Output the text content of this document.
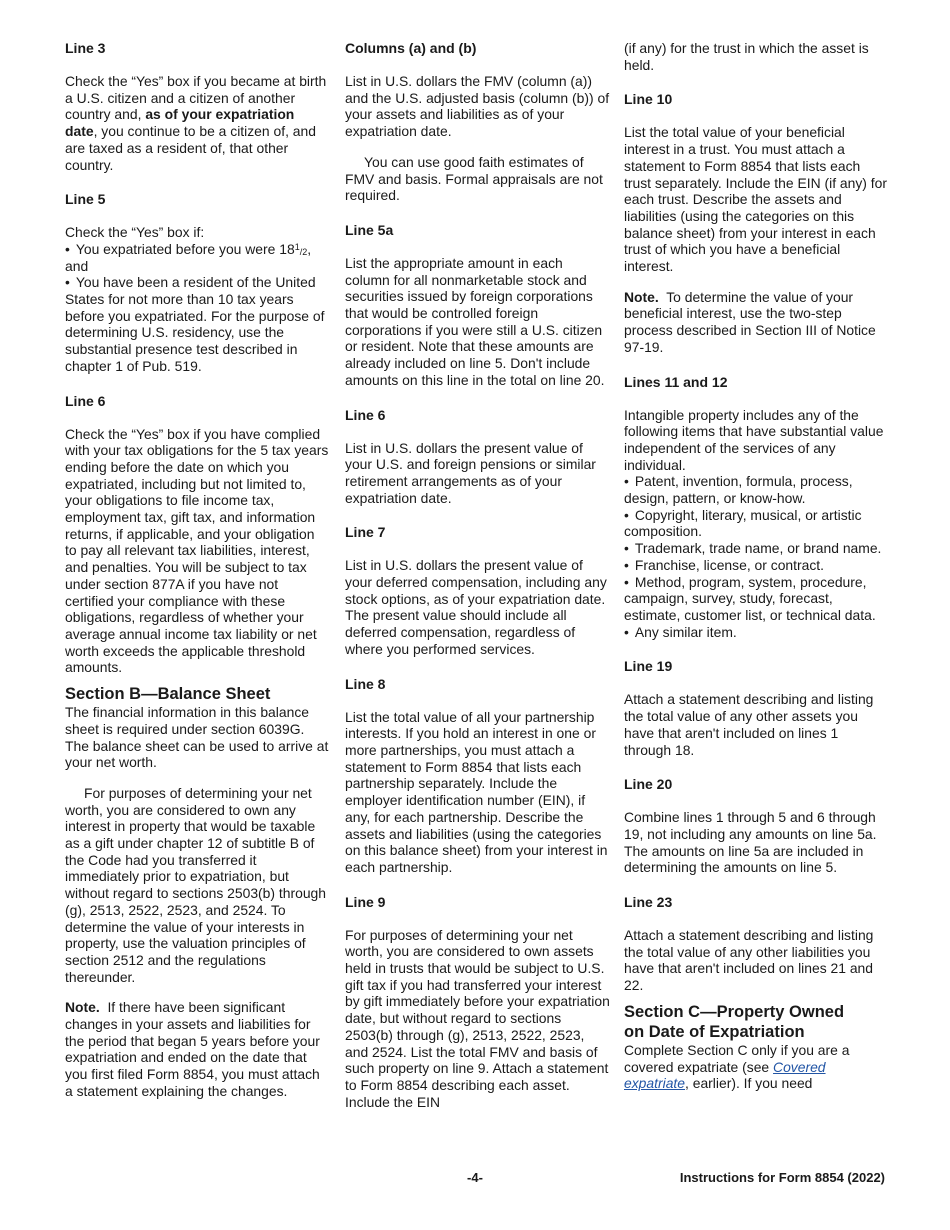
Line 3

Check the “Yes” box if you became at birth a U.S. citizen and a citizen of another country and, as of your expatriation date, you continue to be a citizen of, and are taxed as a resident of, that other country.

Line 5

Check the “Yes” box if:

• You expatriated before you were $18^1_{/2}$, and

• You have been a resident of the United States for not more than 10 tax years before you expatriated. For the purpose of determining U.S. residency, use the substantial presence test described in chapter 1 of Pub. 519.

Line 6

Check the “Yes” box if you have complied with your tax obligations for the 5 tax years ending before the date on which you expatriated, including but not limited to, your obligations to file income tax, employment tax, gift tax, and information returns, if applicable, and your obligation to pay all relevant tax liabilities, interest, and penalties. You will be subject to tax under section 877A if you have not certified your compliance with these obligations, regardless of whether your average annual income tax liability or net worth exceeds the applicable threshold amounts.

Section B—Balance Sheet

The financial information in this balance sheet is required under section 6039G. The balance sheet can be used to arrive at your net worth.

For purposes of determining your net worth, you are considered to own any interest in property that would be taxable as a gift under chapter 12 of subtitle B of the Code had you transferred it immediately prior to expatriation, but without regard to sections 2503(b) through (g), 2513, 2522, 2523, and 2524. To determine the value of your interests in property, use the valuation principles of section 2512 and the regulations thereunder.

Note. If there have been significant changes in your assets and liabilities for the period that began 5 years before your expatriation and ended on the date that you first filed Form 8854, you must attach a statement explaining the changes.

Columns (a) and (b)

List in U.S. dollars the FMV (column (a)) and the U.S. adjusted basis (column (b)) of your assets and liabilities as of your expatriation date.

You can use good faith estimates of FMV and basis. Formal appraisals are not required.

Line 5a

List the appropriate amount in each column for all nonmarketable stock and securities issued by foreign corporations that would be controlled foreign corporations if you were still a U.S. citizen or resident. Note that these amounts are already included on line 5. Don't include amounts on this line in the total on line 20.

Line 6

List in U.S. dollars the present value of your U.S. and foreign pensions or similar retirement arrangements as of your expatriation date.

Line 7

List in U.S. dollars the present value of your deferred compensation, including any stock options, as of your expatriation date. The present value should include all deferred compensation, regardless of where you performed services.

Line 8

List the total value of all your partnership interests. If you hold an interest in one or more partnerships, you must attach a statement to Form 8854 that lists each partnership separately. Include the employer identification number (EIN), if any, for each partnership. Describe the assets and liabilities (using the categories on this balance sheet) from your interest in each partnership.

Line 9

For purposes of determining your net worth, you are considered to own assets held in trusts that would be subject to U.S. gift tax if you had transferred your interest by gift immediately before your expatriation date, but without regard to sections 2503(b) through (g), 2513, 2522, 2523, and 2524. List the total FMV and basis of such property on line 9. Attach a statement to Form 8854 describing each asset. Include the EIN

(if any) for the trust in which the asset is held.

Line 10

List the total value of your beneficial interest in a trust. You must attach a statement to Form 8854 that lists each trust separately. Include the EIN (if any) for each trust. Describe the assets and liabilities (using the categories on this balance sheet) from your interest in each trust of which you have a beneficial interest.

Note. To determine the value of your beneficial interest, use the two-step process described in Section III of Notice 97-19.

Lines 11 and 12

Intangible property includes any of the following items that have substantial value independent of the services of any individual.

• Patent, invention, formula, process, design, pattern, or know-how.

• Copyright, literary, musical, or artistic composition.

• Trademark, trade name, or brand name.

• Franchise, license, or contract.

• Method, program, system, procedure, campaign, survey, study, forecast, estimate, customer list, or technical data.

• Any similar item.

Line 19

Attach a statement describing and listing the total value of any other assets you have that aren't included on lines 1 through 18.

Line 20

Combine lines 1 through 5 and 6 through 19, not including any amounts on line 5a. The amounts on line 5a are included in determining the amounts on line 5.

Line 23

Attach a statement describing and listing the total value of any other liabilities you have that aren't included on lines 21 and 22.

Section C—Property Owned
on Date of Expatriation

Complete Section C only if you are a covered expatriate (see Covered expatriate, earlier). If you need

-4-	Instructions for Form 8854 (2022)
